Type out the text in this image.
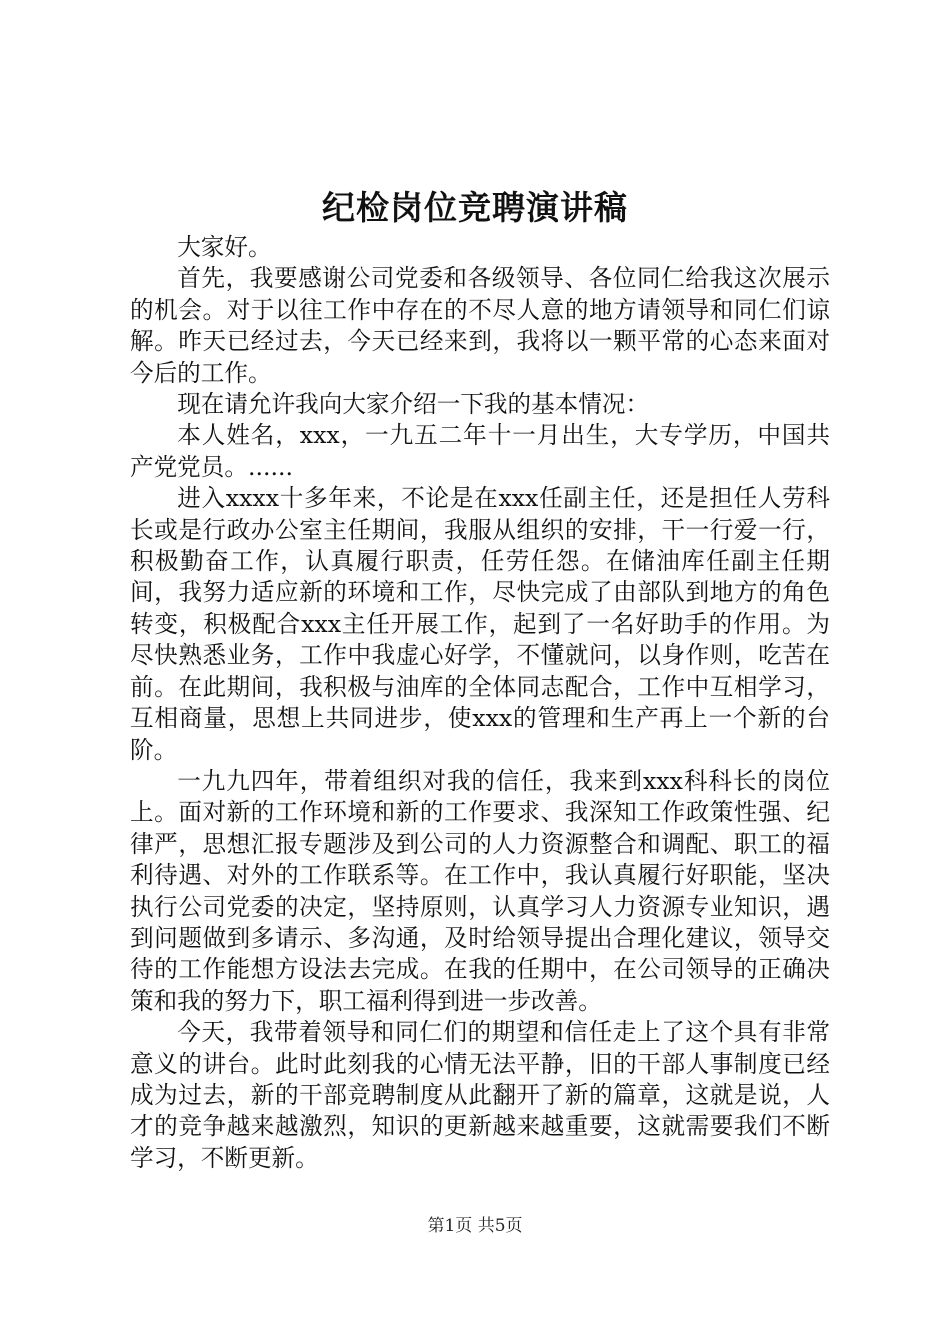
纪检岗位竞聘演讲稿

大家好。

首先，我要感谢公司党委和各级领导、各位同仁给我这次展示的机会。对于以往工作中存在的不尽人意的地方请领导和同仁们谅解。昨天已经过去，今天已经来到，我将以一颗平常的心态来面对今后的工作。

现在请允许我向大家介绍一下我的基本情况：

本人姓名，xxx，一九五二年十一月出生，大专学历，中国共产党党员。......

进入xxxx十多年来，不论是在xxx任副主任，还是担任人劳科长或是行政办公室主任期间，我服从组织的安排，干一行爱一行，积极勤奋工作，认真履行职责，任劳任怨。在储油库任副主任期间，我努力适应新的环境和工作，尽快完成了由部队到地方的角色转变，积极配合xxx主任开展工作，起到了一名好助手的作用。为尽快熟悉业务，工作中我虚心好学，不懂就问，以身作则，吃苦在前。在此期间，我积极与油库的全体同志配合，工作中互相学习，互相商量，思想上共同进步，使xxx的管理和生产再上一个新的台阶。

一九九四年，带着组织对我的信任，我来到xxx科科长的岗位上。面对新的工作环境和新的工作要求、我深知工作政策性强、纪律严，思想汇报专题涉及到公司的人力资源整合和调配、职工的福利待遇、对外的工作联系等。在工作中，我认真履行好职能，坚决执行公司党委的决定，坚持原则，认真学习人力资源专业知识，遇到问题做到多请示、多沟通，及时给领导提出合理化建议，领导交待的工作能想方设法去完成。在我的任期中，在公司领导的正确决策和我的努力下，职工福利得到进一步改善。

今天，我带着领导和同仁们的期望和信任走上了这个具有非常意义的讲台。此时此刻我的心情无法平静，旧的干部人事制度已经成为过去，新的干部竞聘制度从此翻开了新的篇章，这就是说，人才的竞争越来越激烈，知识的更新越来越重要，这就需要我们不断学习，不断更新。

第1页 共5页
